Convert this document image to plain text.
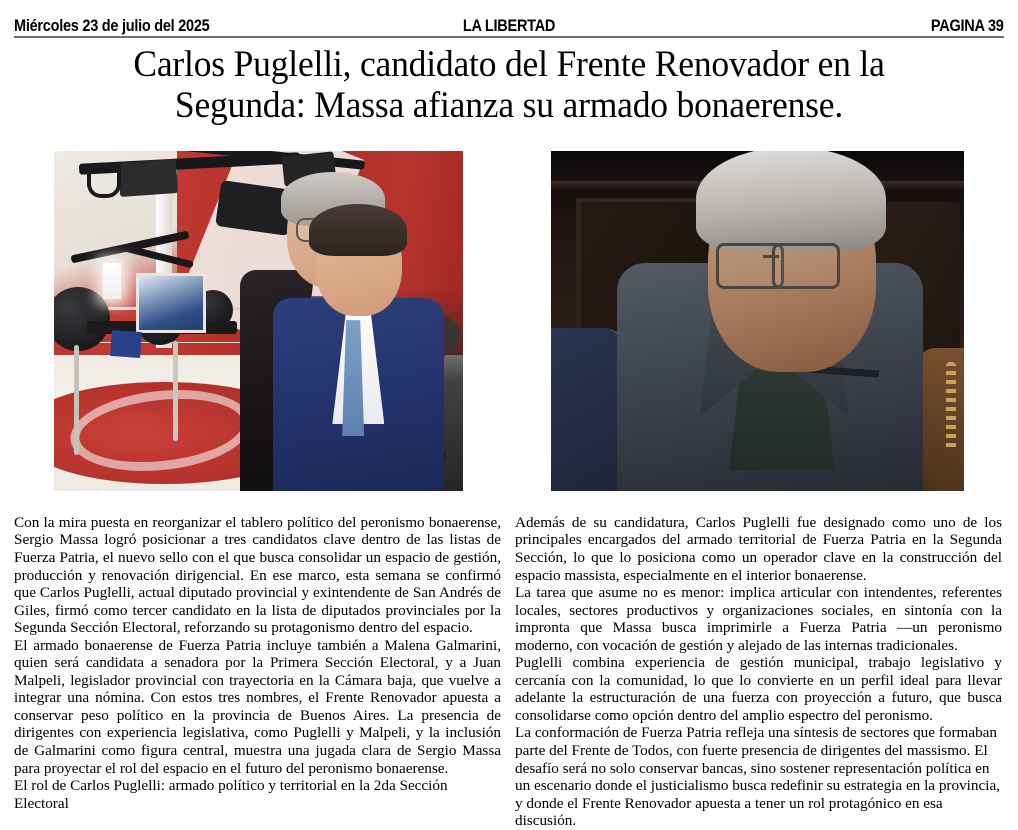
Miércoles 23 de julio del 2025	LA LIBERTAD	PAGINA 39
Carlos Puglelli, candidato del Frente Renovador en la Segunda: Massa afianza su armado bonaerense.

Con la mira puesta en reorganizar el tablero político del peronismo bonaerense, Sergio Massa logró posicionar a tres candidatos clave dentro de las listas de Fuerza Patria, el nuevo sello con el que busca consolidar un espacio de gestión, producción y renovación dirigencial. En ese marco, esta semana se confirmó que Carlos Puglelli, actual diputado provincial y exintendente de San Andrés de Giles, firmó como tercer candidato en la lista de diputados provinciales por la Segunda Sección Electoral, reforzando su protagonismo dentro del espacio.

El armado bonaerense de Fuerza Patria incluye también a Malena Galmarini, quien será candidata a senadora por la Primera Sección Electoral, y a Juan Malpeli, legislador provincial con trayectoria en la Cámara baja, que vuelve a integrar una nómina. Con estos tres nombres, el Frente Renovador apuesta a conservar peso político en la provincia de Buenos Aires. La presencia de dirigentes con experiencia legislativa, como Puglelli y Malpeli, y la inclusión de Galmarini como figura central, muestra una jugada clara de Sergio Massa para proyectar el rol del espacio en el futuro del peronismo bonaerense.

El rol de Carlos Puglelli: armado político y territorial en la 2da Sección Electoral

Además de su candidatura, Carlos Puglelli fue designado como uno de los principales encargados del armado territorial de Fuerza Patria en la Segunda Sección, lo que lo posiciona como un operador clave en la construcción del espacio massista, especialmente en el interior bonaerense.

La tarea que asume no es menor: implica articular con intendentes, referentes locales, sectores productivos y organizaciones sociales, en sintonía con la impronta que Massa busca imprimirle a Fuerza Patria —un peronismo moderno, con vocación de gestión y alejado de las internas tradicionales.

Puglelli combina experiencia de gestión municipal, trabajo legislativo y cercanía con la comunidad, lo que lo convierte en un perfil ideal para llevar adelante la estructuración de una fuerza con proyección a futuro, que busca consolidarse como opción dentro del amplio espectro del peronismo.

La conformación de Fuerza Patria refleja una síntesis de sectores que formaban parte del Frente de Todos, con fuerte presencia de dirigentes del massismo. El desafío será no solo conservar bancas, sino sostener representación política en un escenario donde el justicialismo busca redefinir su estrategia en la provincia, y donde el Frente Renovador apuesta a tener un rol protagónico en esa discusión.
